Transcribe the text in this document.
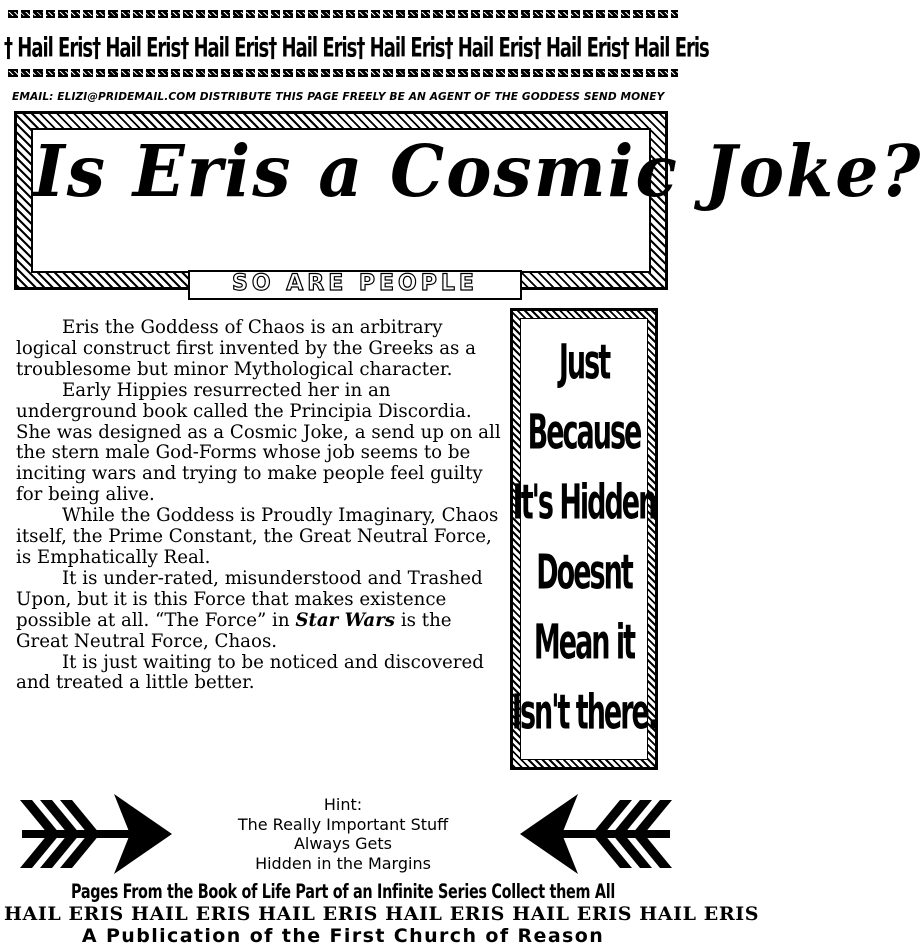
† Hail Eris † Hail Eris † Hail Eris † Hail Eris † Hail Eris † Hail Eris † Hail Eris † Hail Eris
EMAIL: ELIZI@PRIDEMAIL.COM DISTRIBUTE THIS PAGE FREELY BE AN AGENT OF THE GODDESS SEND MONEY
Is Eris a Cosmic Joke?
SO ARE PEOPLE

Eris the Goddess of Chaos is an arbitrary logical construct first invented by the Greeks as a troublesome but minor Mythological character.

Early Hippies resurrected her in an underground book called the Principia Discordia. She was designed as a Cosmic Joke, a send up on all the stern male God-Forms whose job seems to be inciting wars and trying to make people feel guilty for being alive.

While the Goddess is Proudly Imaginary, Chaos itself, the Prime Constant, the Great Neutral Force, is Emphatically Real.

It is under-rated, misunderstood and Trashed Upon, but it is this Force that makes existence possible at all. “The Force” in Star Wars is the Great Neutral Force, Chaos.

It is just waiting to be noticed and discovered and treated a little better.

Just
Because
It's Hidden
Doesnt
Mean it
Isn't there.
Hint:
The Really Important Stuff
Always Gets
Hidden in the Margins
Pages From the Book of Life Part of an Infinite Series Collect them All
HAIL ERIS HAIL ERIS HAIL ERIS HAIL ERIS HAIL ERIS HAIL ERIS
A Publication of the First Church of Reason
